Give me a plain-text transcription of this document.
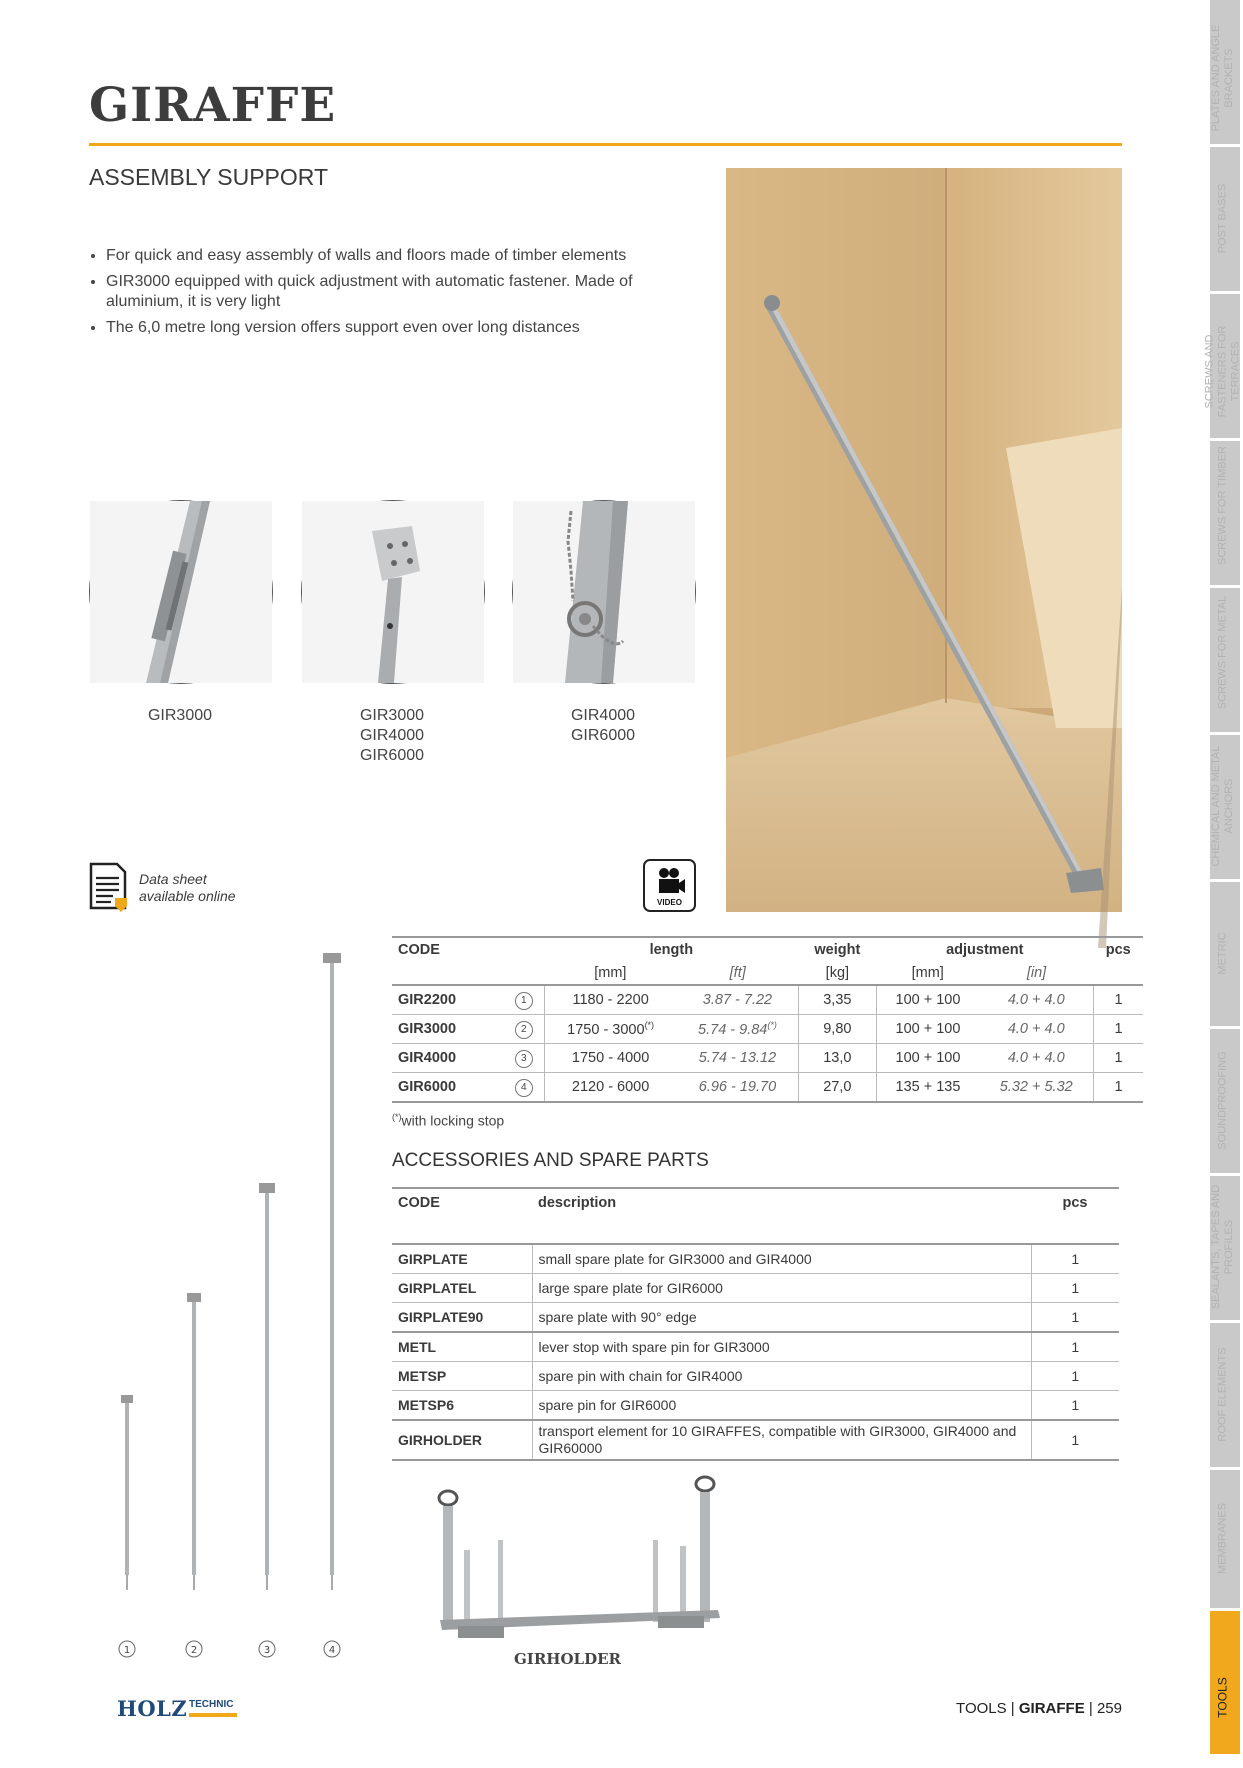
GIRAFFE
ASSEMBLY SUPPORT
• For quick and easy assembly of walls and floors made of timber elements
• GIR3000 equipped with quick adjustment with automatic fastener. Made of aluminium, it is very light
• The 6,0 metre long version offers support even over long distances
GIR3000	GIR3000
GIR4000
GIR6000
GIR4000
GIR6000
Data sheet
available online	VIDEO
CODE		length		weight	adjustment		pcs
		[mm]	[ft]	[kg]	[mm]	[in]	
GIR2200	1	1180 - 2200	3.87 - 7.22	3,35	100 + 100	4.0 + 4.0	1
GIR3000	2	1750 - 3000(*)	5.74 - 9.84(*)	9,80	100 + 100	4.0 + 4.0	1
GIR4000	3	1750 - 4000	5.74 - 13.12	13,0	100 + 100	4.0 + 4.0	1
GIR6000	4	2120 - 6000	6.96 - 19.70	27,0	135 + 135	5.32 + 5.32	1
(*)with locking stop
ACCESSORIES AND SPARE PARTS
CODE	description	pcs
GIRPLATE	small spare plate for GIR3000 and GIR4000	1
GIRPLATEL	large spare plate for GIR6000	1
GIRPLATE90	spare plate with 90° edge	1
METL	lever stop with spare pin for GIR3000	1
METSP	spare pin with chain for GIR4000	1
METSP6	spare pin for GIR6000	1
GIRHOLDER	transport element for 10 GIRAFFES, compatible with GIR3000, GIR4000 and GIR60000	1
1	2	3	4	GIRHOLDER
HOLZ TECHNIC	TOOLS | GIRAFFE | 259
PLATES AND ANGLE BRACKETS
POST BASES
SCREWS AND FASTENERS FOR TERRACES
SCREWS FOR TIMBER
SCREWS FOR METAL
CHEMICAL AND METAL ANCHORS
METRIC
SOUNDPROOFING
SEALANTS, TAPES AND PROFILES
ROOF ELEMENTS
MEMBRANES
TOOLS
